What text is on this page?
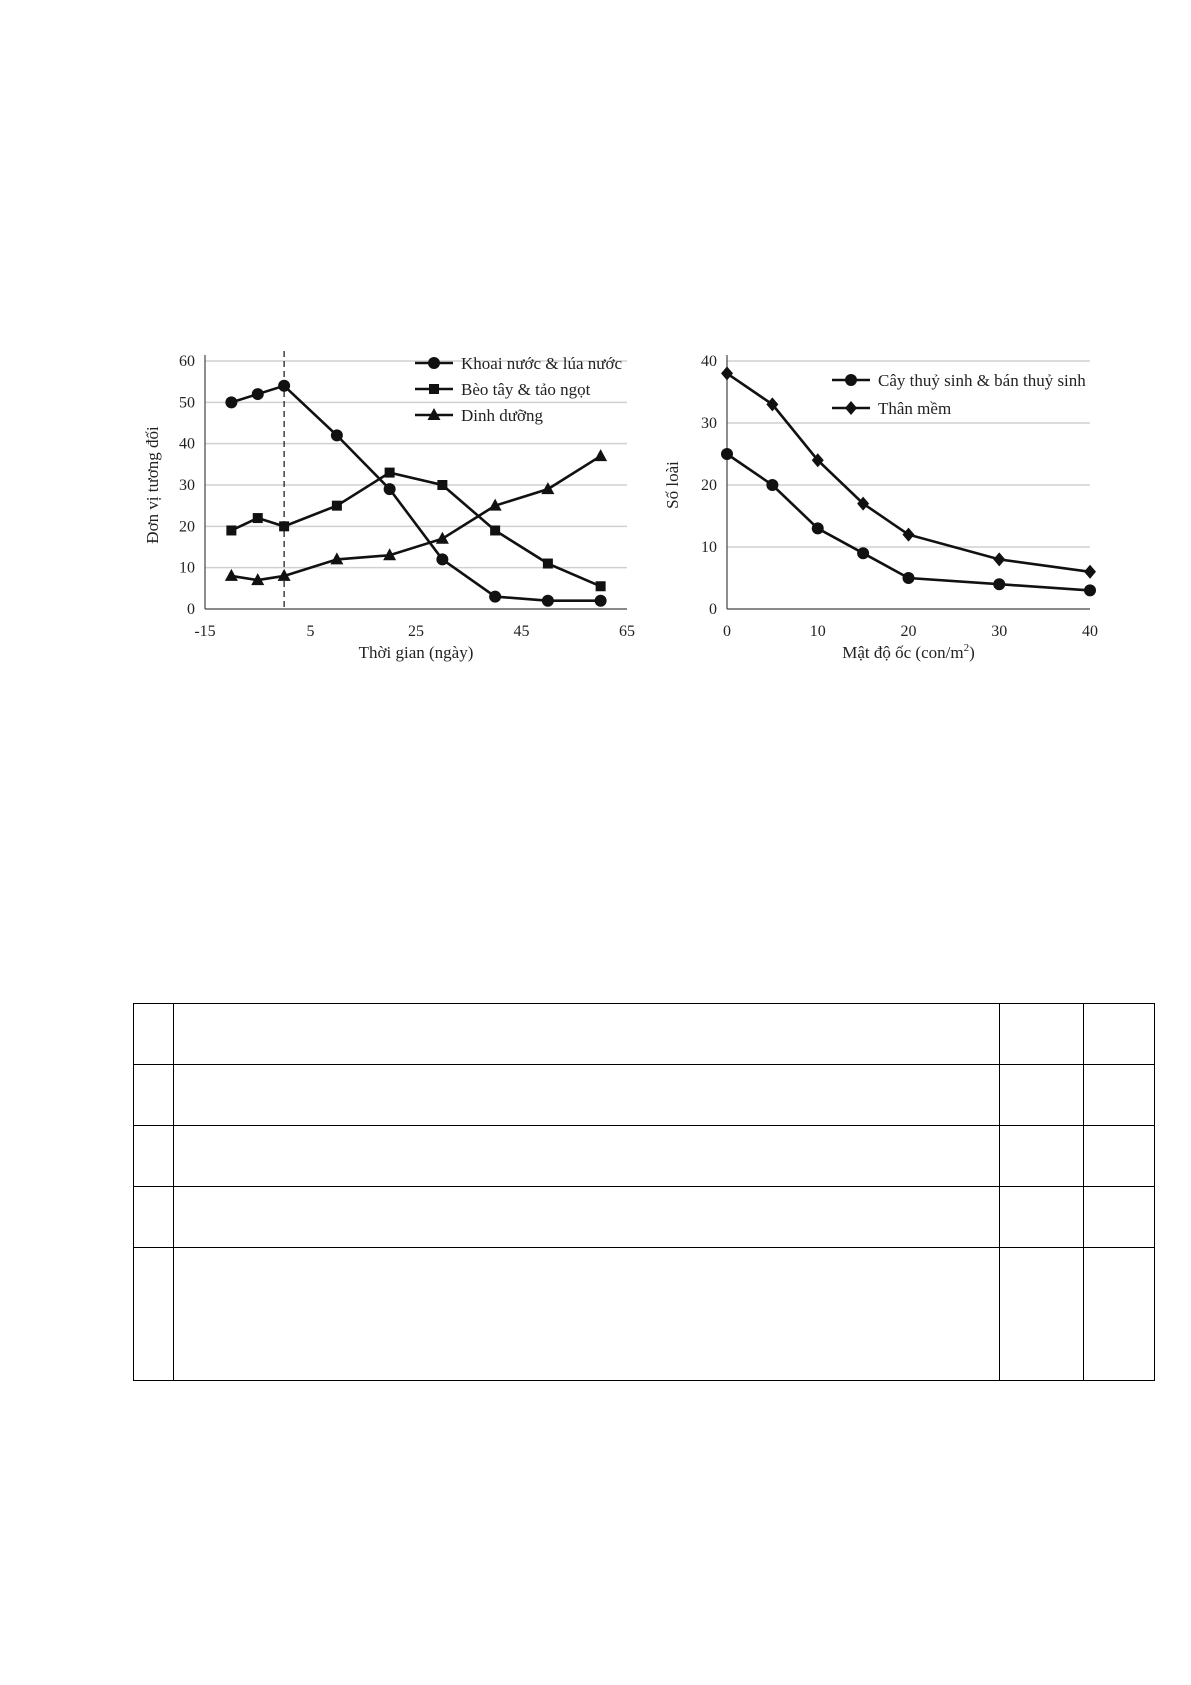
0
10
20
30
40
50
60
-15	5	25	45	65
Thời gian (ngày)
Đơn vị tương đối
Khoai nước & lúa nước
Bèo tây & tảo ngọt
Dinh dưỡng
0
10
20
30
40
0	10	20	30	40
Mật độ ốc $(con/m^2)$
Số loài
Cây thuỷ sinh & bán thuỷ sinh
Thân mềm
